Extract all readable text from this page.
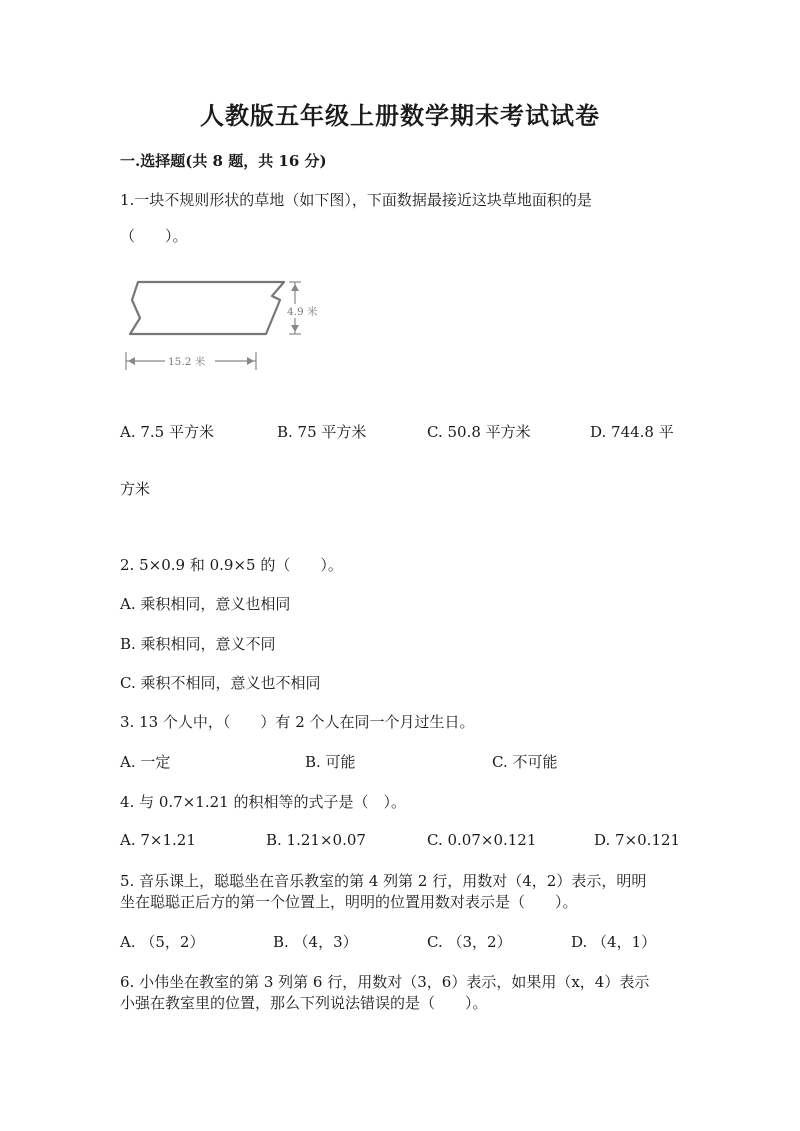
人教版五年级上册数学期末考试试卷
一.选择题(共 8 题，共 16 分)
1.一块不规则形状的草地（如下图），下面数据最接近这块草地面积的是
（　　）。
4.9 米
15.2 米
A. 7.5 平方米	B. 75 平方米	C. 50.8 平方米	D. 744.8 平
方米
2. 5×0.9 和 0.9×5 的（　　）。
A. 乘积相同，意义也相同
B. 乘积相同，意义不同
C. 乘积不相同，意义也不相同
3. 13 个人中，（　　）有 2 个人在同一个月过生日。
A. 一定	B. 可能	C. 不可能
4. 与 0.7×1.21 的积相等的式子是（　）。
A. 7×1.21	B. 1.21×0.07	C. 0.07×0.121	D. 7×0.121
5. 音乐课上，聪聪坐在音乐教室的第 4 列第 2 行，用数对（4，2）表示，明明
坐在聪聪正后方的第一个位置上，明明的位置用数对表示是（　　）。
A. （5，2）	B. （4，3）	C. （3，2）	D. （4，1）
6. 小伟坐在教室的第 3 列第 6 行，用数对（3，6）表示，如果用（x，4）表示
小强在教室里的位置，那么下列说法错误的是（　　）。
